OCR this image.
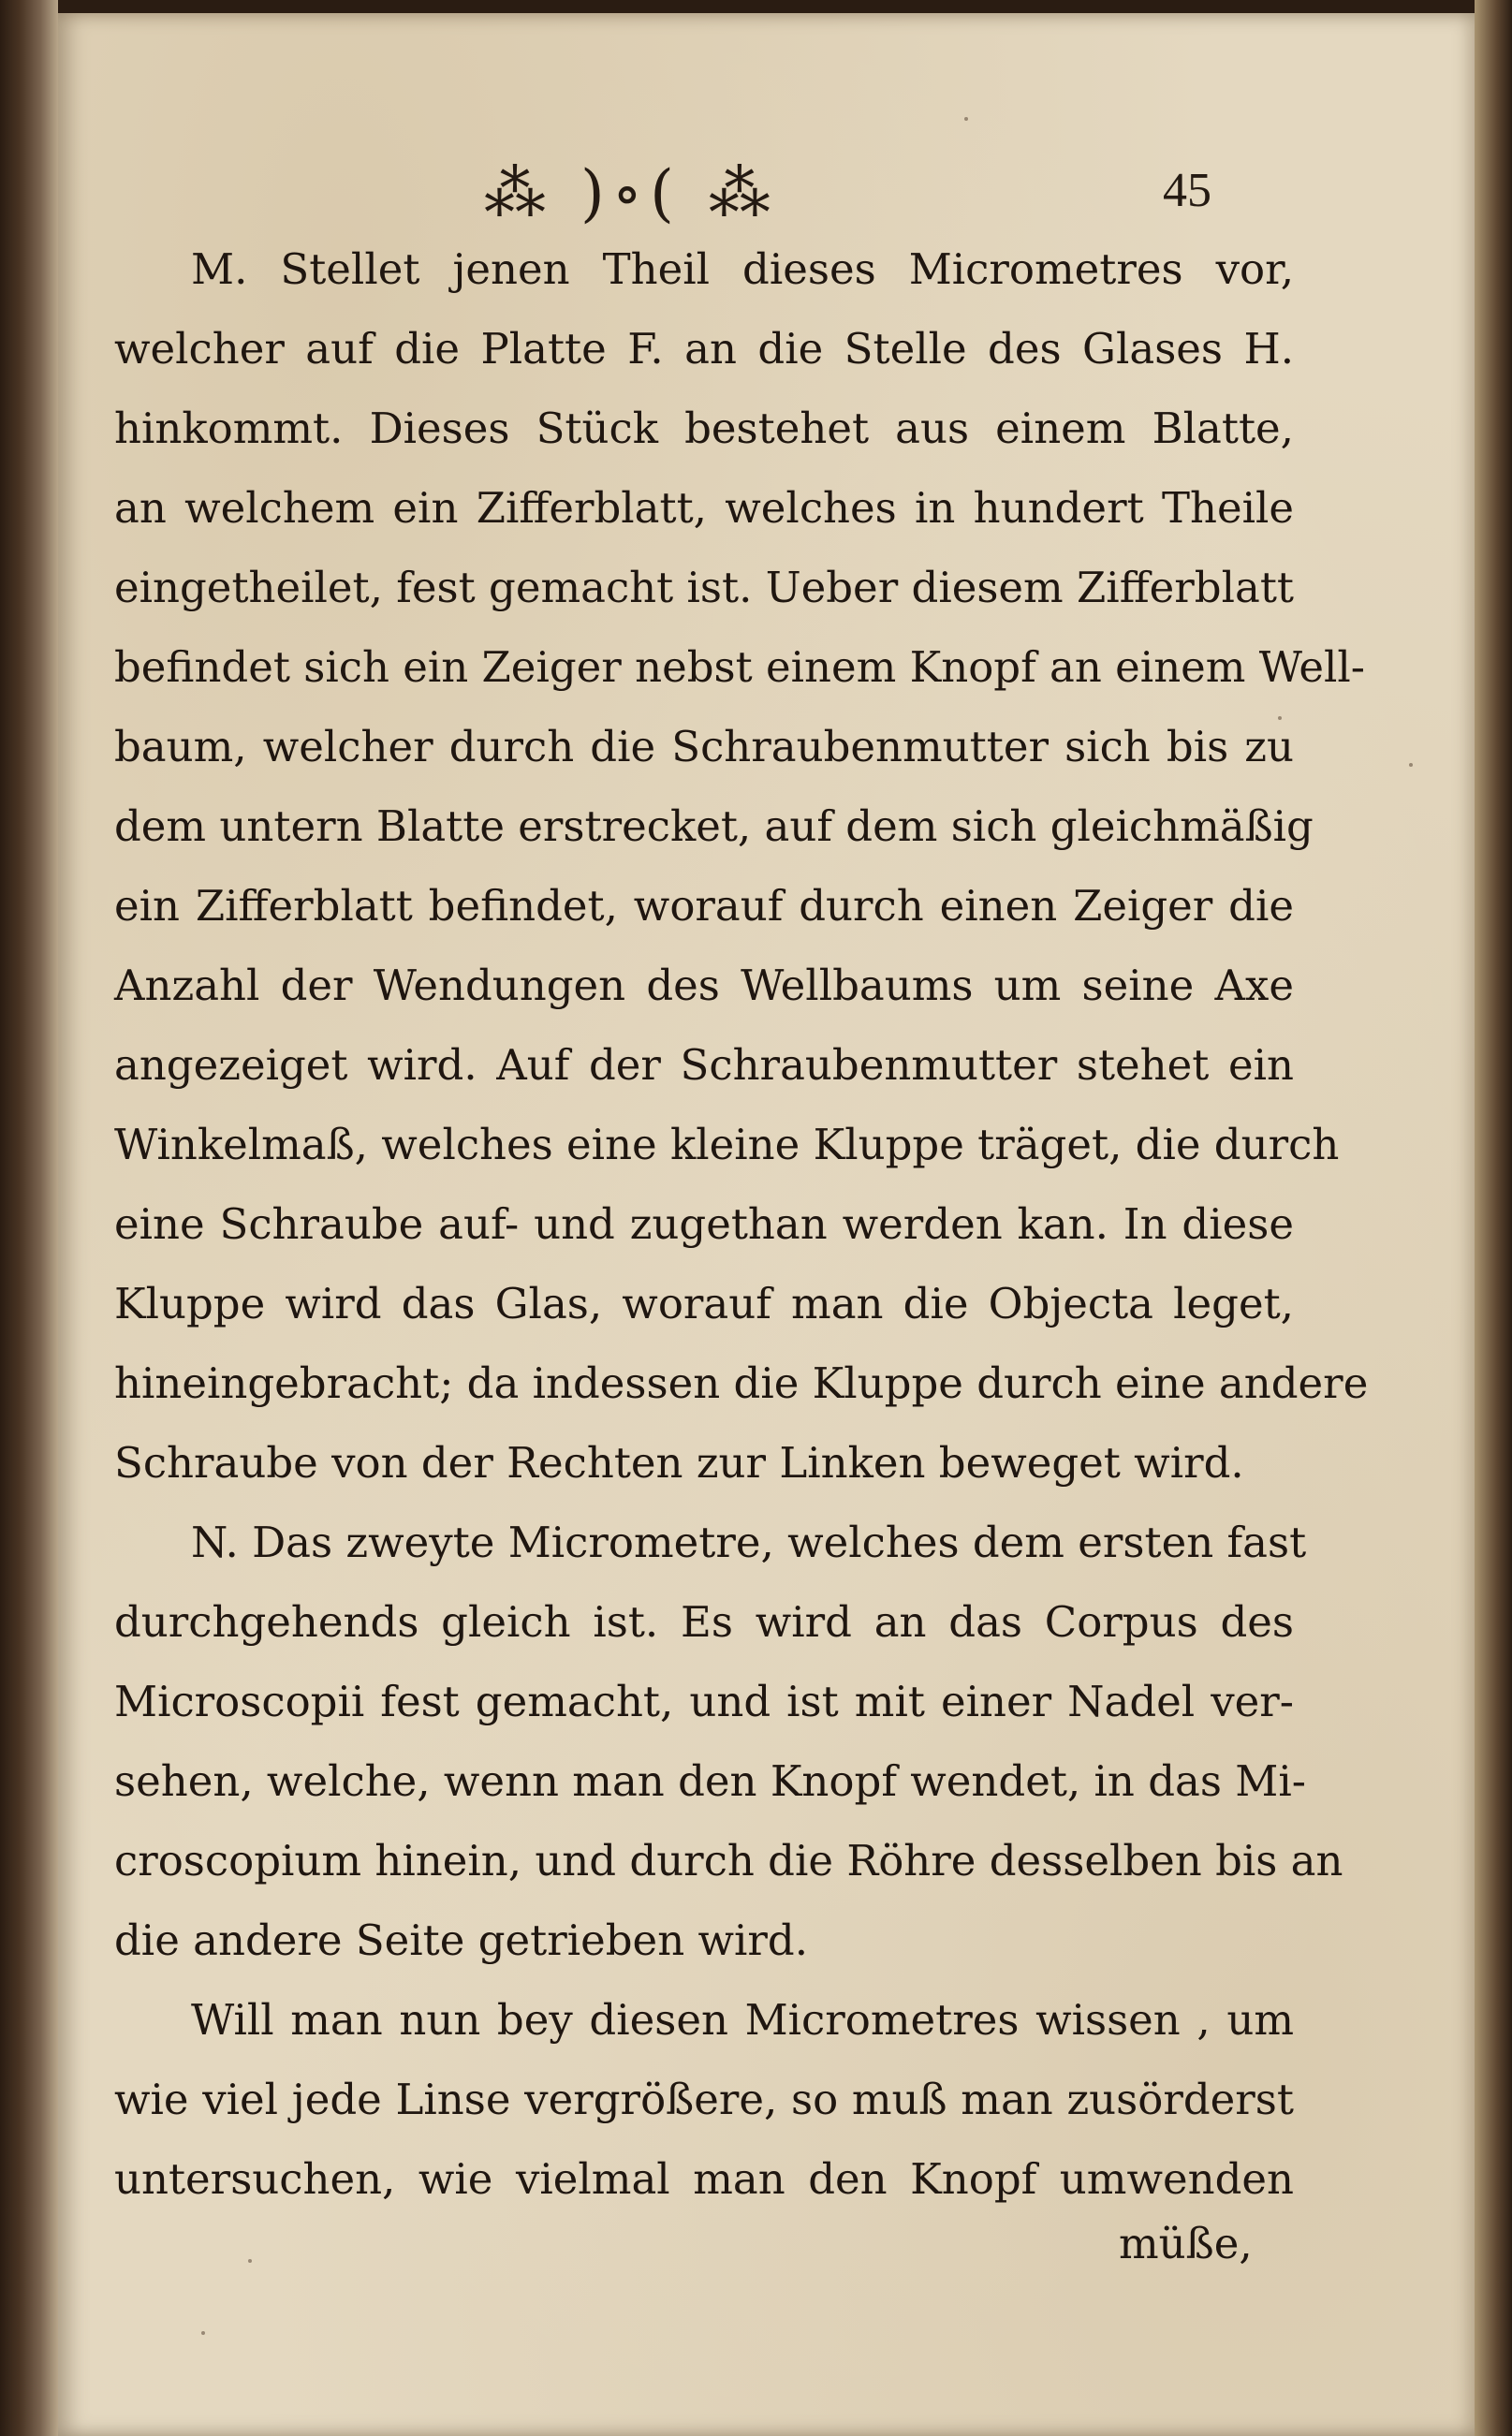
⁂ )∘( ⁂	45
M. Stellet jenen Theil dieses Micrometres vor,
welcher auf die Platte F. an die Stelle des Glases H.
hinkommt. Dieses Stück bestehet aus einem Blatte,
an welchem ein Zifferblatt, welches in hundert Theile
eingetheilet, fest gemacht ist. Ueber diesem Zifferblatt
befindet sich ein Zeiger nebst einem Knopf an einem Well-
baum, welcher durch die Schraubenmutter sich bis zu
dem untern Blatte erstrecket, auf dem sich gleichmäßig
ein Zifferblatt befindet, worauf durch einen Zeiger die
Anzahl der Wendungen des Wellbaums um seine Axe
angezeiget wird. Auf der Schraubenmutter stehet ein
Winkelmaß, welches eine kleine Kluppe träget, die durch
eine Schraube auf- und zugethan werden kan. In diese
Kluppe wird das Glas, worauf man die Objecta leget,
hineingebracht; da indessen die Kluppe durch eine andere
Schraube von der Rechten zur Linken beweget wird.
N. Das zweyte Micrometre, welches dem ersten fast
durchgehends gleich ist. Es wird an das Corpus des
Microscopii fest gemacht, und ist mit einer Nadel ver-
sehen, welche, wenn man den Knopf wendet, in das Mi-
croscopium hinein, und durch die Röhre desselben bis an
die andere Seite getrieben wird.
Will man nun bey diesen Micrometres wissen , um
wie viel jede Linse vergrößere, so muß man zusörderst
untersuchen, wie vielmal man den Knopf umwenden
müße,
